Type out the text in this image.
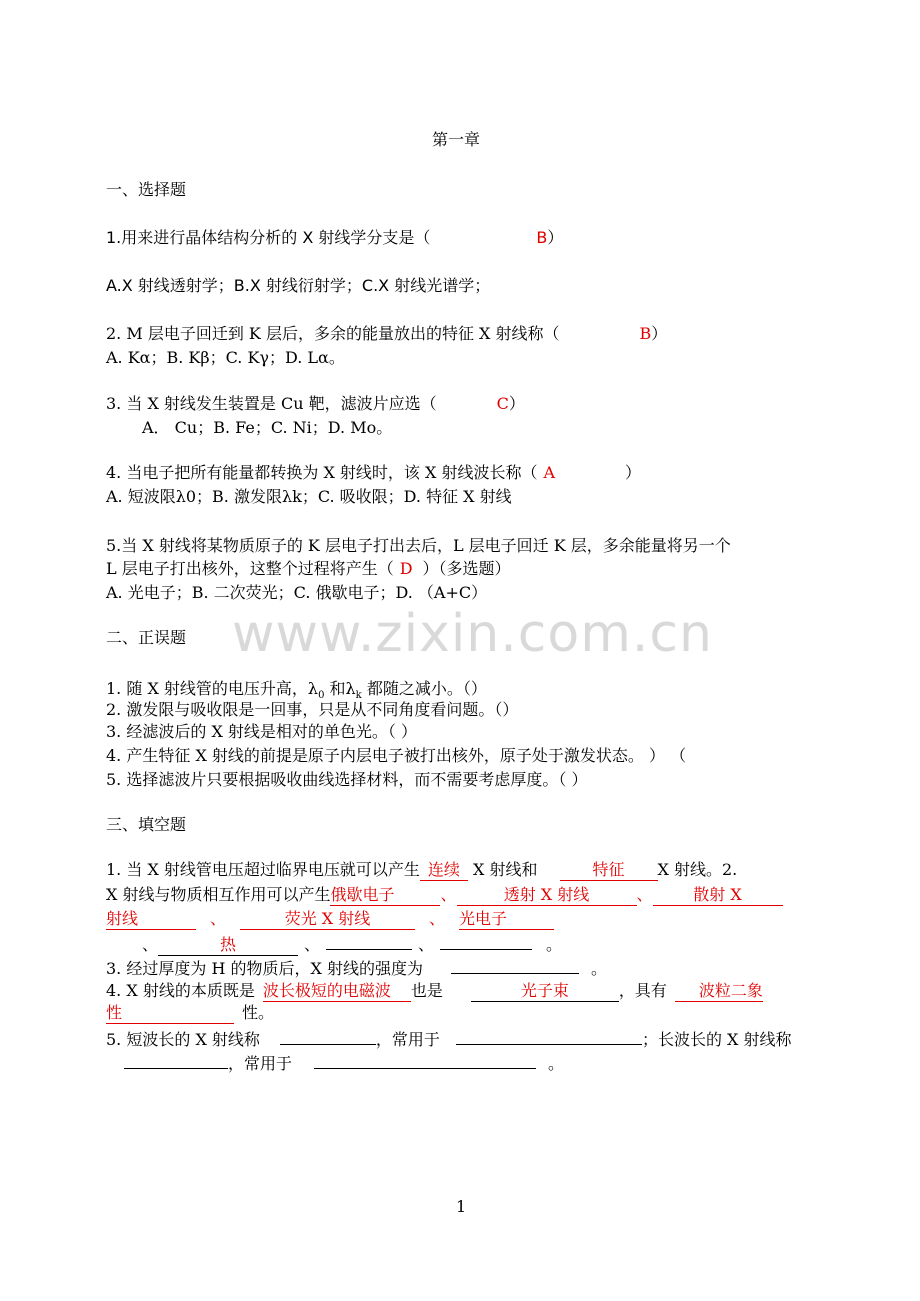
www.zixin.com.cn
第一章
一、选择题
1.用来进行晶体结构分析的 X 射线学分支是（	B）
A.X 射线透射学；B.X 射线衍射学；C.X 射线光谱学；
2. M 层电子回迁到 K 层后，多余的能量放出的特征 X 射线称（	B）
A. Kα；B. Kβ；C. Kγ；D. Lα。
3. 当 X 射线发生装置是 Cu 靶，滤波片应选（	C）
A． Cu；B. Fe；C. Ni；D. Mo。
4. 当电子把所有能量都转换为 X 射线时，该 X 射线波长称（ A	）
A. 短波限λ0；B. 激发限λk；C. 吸收限；D. 特征 X 射线
5.当 X 射线将某物质原子的 K 层电子打出去后，L 层电子回迁 K 层，多余能量将另一个
L 层电子打出核外，这整个过程将产生（ D ）（多选题）
A. 光电子；B. 二次荧光；C. 俄歇电子；D. （A+C）
二、正误题
1. 随 X 射线管的电压升高，$\lambda_0$ 和$\lambda_k$ 都随之减小。（）
2. 激发限与吸收限是一回事，只是从不同角度看问题。（）
3. 经滤波后的 X 射线是相对的单色光。（ ）
4. 产生特征 X 射线的前提是原子内层电子被打出核外，原子处于激发状态。 ） （
5. 选择滤波片只要根据吸收曲线选择材料，而不需要考虑厚度。（ ）
三、填空题
1. 当 X 射线管电压超过临界电压就可以产生 连续 X 射线和	特征 X 射线。2.
X 射线与物质相互作用可以产生俄歇电子	、	透射 X 射线	、	散射 X
射线	、	荧光 X 射线	、 光电子
、	热	、	、	。
3. 经过厚度为 H 的物质后，X 射线的强度为	。
4. X 射线的本质既是 波长极短的电磁波 也是	光子束	，具有 波粒二象
性	性。
5. 短波长的 X 射线称	，常用于	；长波长的 X 射线称
，常用于	。
1
